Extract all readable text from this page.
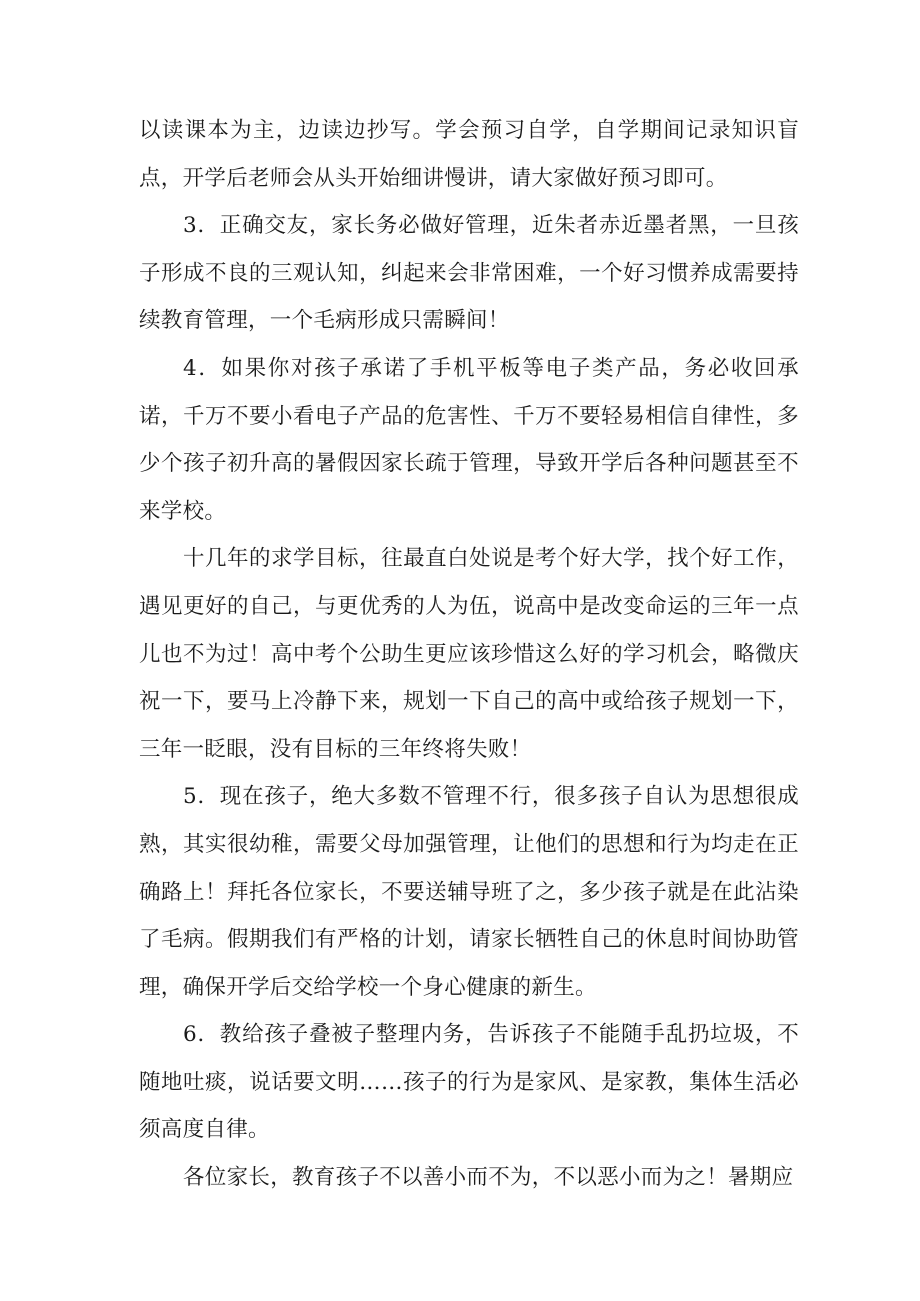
以读课本为主，边读边抄写。学会预习自学，自学期间记录知识盲点，开学后老师会从头开始细讲慢讲，请大家做好预习即可。

3．正确交友，家长务必做好管理，近朱者赤近墨者黑，一旦孩子形成不良的三观认知，纠起来会非常困难，一个好习惯养成需要持续教育管理，一个毛病形成只需瞬间！

4．如果你对孩子承诺了手机平板等电子类产品，务必收回承诺，千万不要小看电子产品的危害性、千万不要轻易相信自律性，多少个孩子初升高的暑假因家长疏于管理，导致开学后各种问题甚至不来学校。

十几年的求学目标，往最直白处说是考个好大学，找个好工作，遇见更好的自己，与更优秀的人为伍，说高中是改变命运的三年一点儿也不为过！高中考个公助生更应该珍惜这么好的学习机会，略微庆祝一下，要马上冷静下来，规划一下自己的高中或给孩子规划一下，三年一眨眼，没有目标的三年终将失败！

5．现在孩子，绝大多数不管理不行，很多孩子自认为思想很成熟，其实很幼稚，需要父母加强管理，让他们的思想和行为均走在正确路上！拜托各位家长，不要送辅导班了之，多少孩子就是在此沾染了毛病。假期我们有严格的计划，请家长牺牲自己的休息时间协助管理，确保开学后交给学校一个身心健康的新生。

6．教给孩子叠被子整理内务，告诉孩子不能随手乱扔垃圾，不随地吐痰，说话要文明……孩子的行为是家风、是家教，集体生活必须高度自律。

各位家长，教育孩子不以善小而不为，不以恶小而为之！暑期应
